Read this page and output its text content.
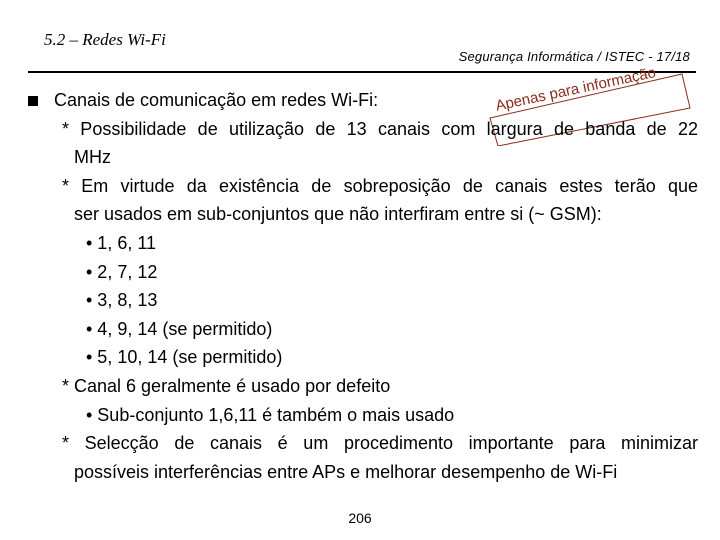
5.2 – Redes Wi-Fi
Segurança Informática / ISTEC - 17/18
Apenas para informação
Canais de comunicação em redes Wi-Fi:
* Possibilidade de utilização de 13 canais com largura de banda de 22
MHz
* Em virtude da existência de sobreposição de canais estes terão que
ser usados em sub-conjuntos que não interfiram entre si (~ GSM):
• 1, 6, 11
• 2, 7, 12
• 3, 8, 13
• 4, 9, 14 (se permitido)
• 5, 10, 14 (se permitido)
* Canal 6 geralmente é usado por defeito
• Sub-conjunto 1,6,11 é também o mais usado
* Selecção de canais é um procedimento importante para minimizar
possíveis interferências entre APs e melhorar desempenho de Wi-Fi
206
